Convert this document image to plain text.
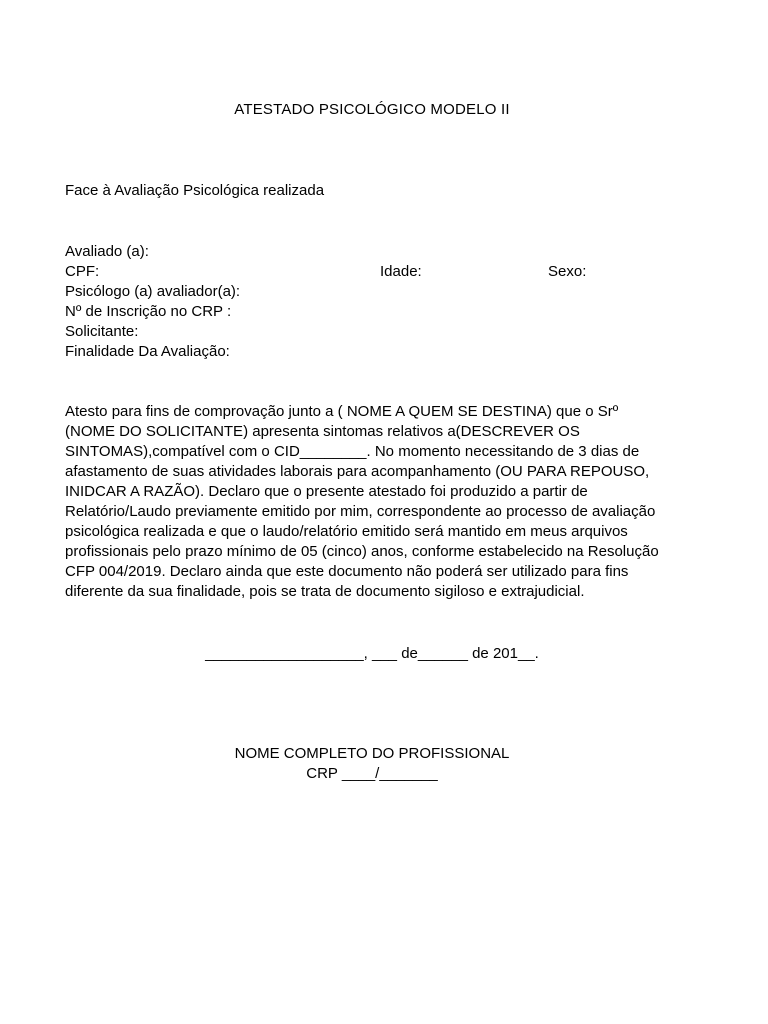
ATESTADO PSICOLÓGICO MODELO II
Face à Avaliação Psicológica realizada
Avaliado (a):
CPF:	Idade:	Sexo:
Psicólogo (a) avaliador(a):
Nº de Inscrição no CRP :
Solicitante:
Finalidade Da Avaliação:
Atesto para fins de comprovação junto a ( NOME A QUEM SE DESTINA) que o Srº
(NOME DO SOLICITANTE) apresenta sintomas relativos a(DESCREVER OS
SINTOMAS),compatível com o CID________. No momento necessitando de 3 dias de
afastamento de suas atividades laborais para acompanhamento (OU PARA REPOUSO,
INIDCAR A RAZÃO). Declaro que o presente atestado foi produzido a partir de
Relatório/Laudo previamente emitido por mim, correspondente ao processo de avaliação
psicológica realizada e que o laudo/relatório emitido será mantido em meus arquivos
profissionais pelo prazo mínimo de 05 (cinco) anos, conforme estabelecido na Resolução
CFP 004/2019. Declaro ainda que este documento não poderá ser utilizado para fins
diferente da sua finalidade, pois se trata de documento sigiloso e extrajudicial.
___________________, ___ de______ de 201__.
NOME COMPLETO DO PROFISSIONAL
CRP ____/_______
